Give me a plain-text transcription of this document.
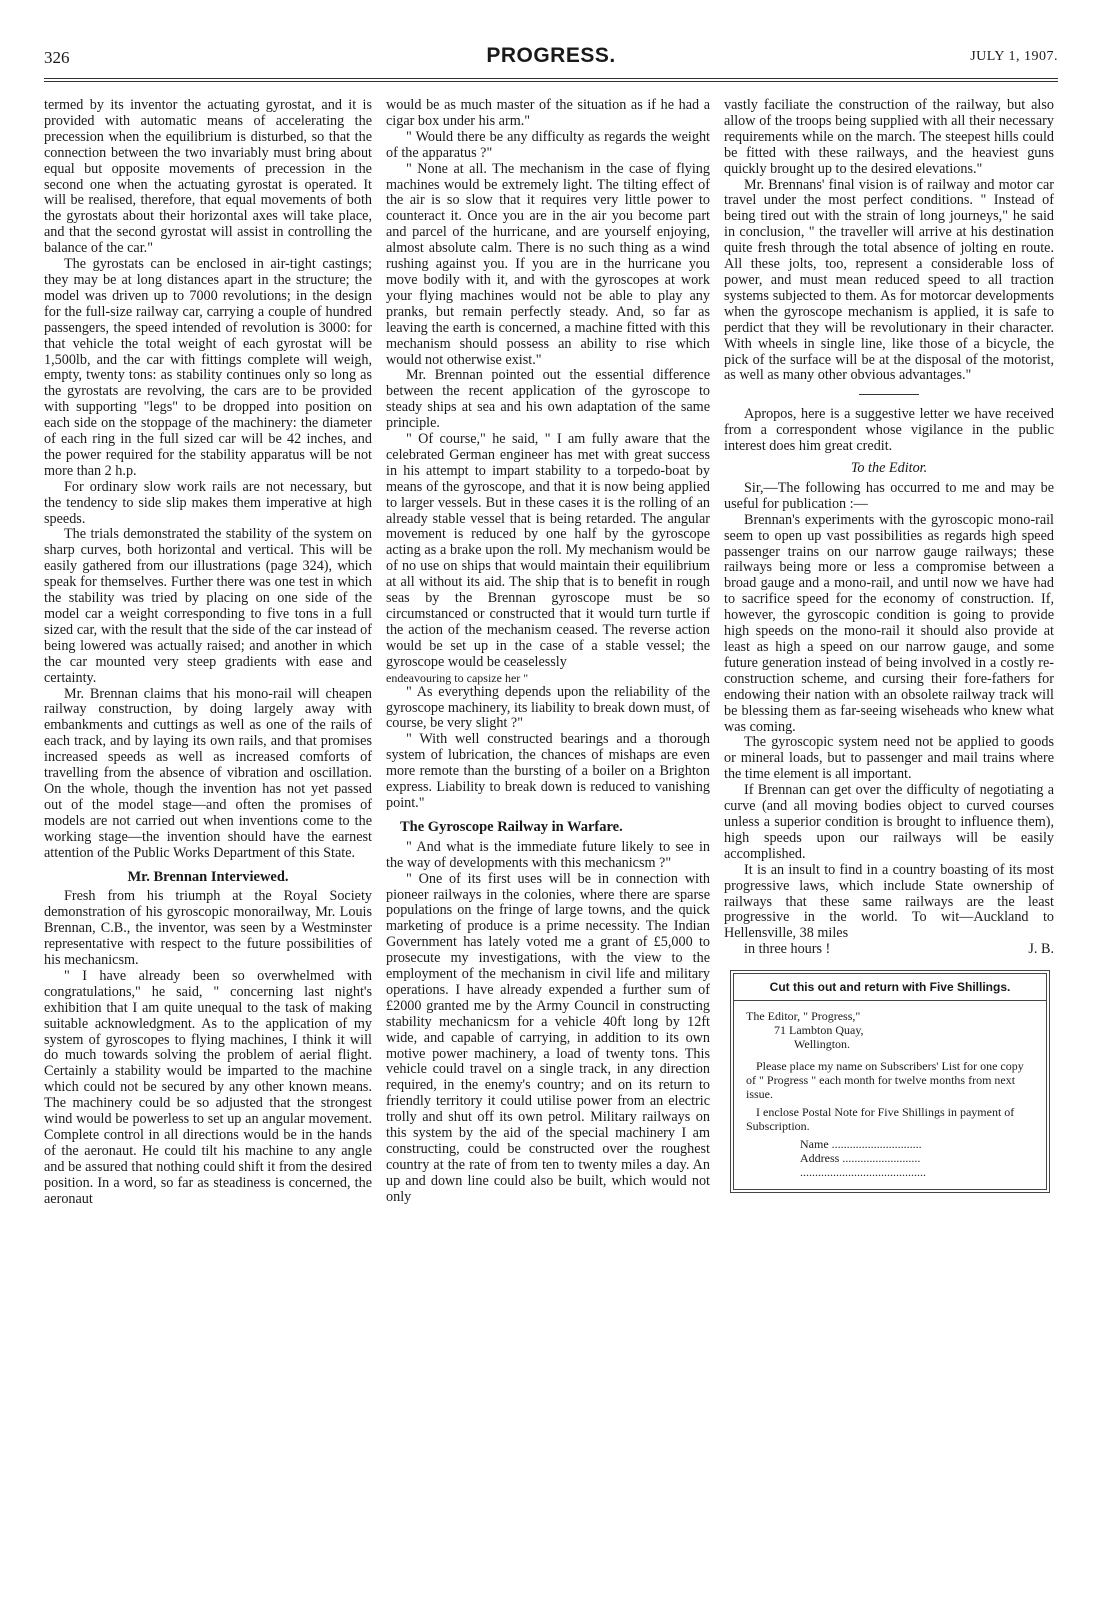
326	PROGRESS.	JULY 1, 1907.

termed by its inventor the actuating gyrostat, and it is provided with automatic means of accelerating the precession when the equilibrium is disturbed, so that the connection between the two invariably must bring about equal but opposite movements of precession in the second one when the actuating gyrostat is operated. It will be realised, therefore, that equal movements of both the gyrostats about their horizontal axes will take place, and that the second gyrostat will assist in controlling the balance of the car."

The gyrostats can be enclosed in air-tight castings; they may be at long distances apart in the structure; the model was driven up to 7000 revolutions; in the design for the full-size railway car, carrying a couple of hundred passengers, the speed intended of revolution is 3000: for that vehicle the total weight of each gyrostat will be 1,500lb, and the car with fittings complete will weigh, empty, twenty tons: as stability continues only so long as the gyrostats are revolving, the cars are to be provided with supporting "legs" to be dropped into position on each side on the stoppage of the machinery: the diameter of each ring in the full sized car will be 42 inches, and the power required for the stability apparatus will be not more than 2 h.p.

For ordinary slow work rails are not necessary, but the tendency to side slip makes them imperative at high speeds.

The trials demonstrated the stability of the system on sharp curves, both horizontal and vertical. This will be easily gathered from our illustrations (page 324), which speak for themselves. Further there was one test in which the stability was tried by placing on one side of the model car a weight corresponding to five tons in a full sized car, with the result that the side of the car instead of being lowered was actually raised; and another in which the car mounted very steep gradients with ease and certainty.

Mr. Brennan claims that his mono-rail will cheapen railway construction, by doing largely away with embankments and cuttings as well as one of the rails of each track, and by laying its own rails, and that promises increased speeds as well as increased comforts of travelling from the absence of vibration and oscillation. On the whole, though the invention has not yet passed out of the model stage—and often the promises of models are not carried out when inventions come to the working stage—the invention should have the earnest attention of the Public Works Department of this State.

Mr. Brennan Interviewed.

Fresh from his triumph at the Royal Society demonstration of his gyroscopic monorailway, Mr. Louis Brennan, C.B., the inventor, was seen by a Westminster representative with respect to the future possibilities of his mechanicsm.

" I have already been so overwhelmed with congratulations," he said, " concerning last night's exhibition that I am quite unequal to the task of making suitable acknowledgment. As to the application of my system of gyroscopes to flying machines, I think it will do much towards solving the problem of aerial flight. Certainly a stability would be imparted to the machine which could not be secured by any other known means. The machinery could be so adjusted that the strongest wind would be powerless to set up an angular movement. Complete control in all directions would be in the hands of the aeronaut. He could tilt his machine to any angle and be assured that nothing could shift it from the desired position. In a word, so far as steadiness is concerned, the aeronaut

would be as much master of the situation as if he had a cigar box under his arm."

" Would there be any difficulty as regards the weight of the apparatus ?"

" None at all. The mechanism in the case of flying machines would be extremely light. The tilting effect of the air is so slow that it requires very little power to counteract it. Once you are in the air you become part and parcel of the hurricane, and are yourself enjoying, almost absolute calm. There is no such thing as a wind rushing against you. If you are in the hurricane you move bodily with it, and with the gyroscopes at work your flying machines would not be able to play any pranks, but remain perfectly steady. And, so far as leaving the earth is concerned, a machine fitted with this mechanism should possess an ability to rise which would not otherwise exist."

Mr. Brennan pointed out the essential difference between the recent application of the gyroscope to steady ships at sea and his own adaptation of the same principle.

" Of course," he said, " I am fully aware that the celebrated German engineer has met with great success in his attempt to impart stability to a torpedo-boat by means of the gyroscope, and that it is now being applied to larger vessels. But in these cases it is the rolling of an already stable vessel that is being retarded. The angular movement is reduced by one half by the gyroscope acting as a brake upon the roll. My mechanism would be of no use on ships that would maintain their equilibrium at all without its aid. The ship that is to benefit in rough seas by the Brennan gyroscope must be so circumstanced or constructed that it would turn turtle if the action of the mechanism ceased. The reverse action would be set up in the case of a stable vessel; the gyroscope would be ceaselessly

endeavouring to capsize her "

" As everything depends upon the reliability of the gyroscope machinery, its liability to break down must, of course, be very slight ?"

" With well constructed bearings and a thorough system of lubrication, the chances of mishaps are even more remote than the bursting of a boiler on a Brighton express. Liability to break down is reduced to vanishing point."

The Gyroscope Railway in Warfare.

" And what is the immediate future likely to see in the way of developments with this mechanicsm ?"

" One of its first uses will be in connection with pioneer railways in the colonies, where there are sparse populations on the fringe of large towns, and the quick marketing of produce is a prime necessity. The Indian Government has lately voted me a grant of £5,000 to prosecute my investigations, with the view to the employment of the mechanism in civil life and military operations. I have already expended a further sum of £2000 granted me by the Army Council in constructing stability mechanicsm for a vehicle 40ft long by 12ft wide, and capable of carrying, in addition to its own motive power machinery, a load of twenty tons. This vehicle could travel on a single track, in any direction required, in the enemy's country; and on its return to friendly territory it could utilise power from an electric trolly and shut off its own petrol. Military railways on this system by the aid of the special machinery I am constructing, could be constructed over the roughest country at the rate of from ten to twenty miles a day. An up and down line could also be built, which would not only

vastly faciliate the construction of the railway, but also allow of the troops being supplied with all their necessary requirements while on the march. The steepest hills could be fitted with these railways, and the heaviest guns quickly brought up to the desired elevations."

Mr. Brennans' final vision is of railway and motor car travel under the most perfect conditions. " Instead of being tired out with the strain of long journeys," he said in conclusion, " the traveller will arrive at his destination quite fresh through the total absence of jolting en route. All these jolts, too, represent a considerable loss of power, and must mean reduced speed to all traction systems subjected to them. As for motorcar developments when the gyroscope mechanism is applied, it is safe to perdict that they will be revolutionary in their character. With wheels in single line, like those of a bicycle, the pick of the surface will be at the disposal of the motorist, as well as many other obvious advantages."

Apropos, here is a suggestive letter we have received from a correspondent whose vigilance in the public interest does him great credit.

To the Editor.

Sir,—The following has occurred to me and may be useful for publication :—

Brennan's experiments with the gyroscopic mono-rail seem to open up vast possibilities as regards high speed passenger trains on our narrow gauge railways; these railways being more or less a compromise between a broad gauge and a mono-rail, and until now we have had to sacrifice speed for the economy of construction. If, however, the gyroscopic condition is going to provide high speeds on the mono-rail it should also provide at least as high a speed on our narrow gauge, and some future generation instead of being involved in a costly re-construction scheme, and cursing their fore-fathers for endowing their nation with an obsolete railway track will be blessing them as far-seeing wiseheads who knew what was coming.

The gyroscopic system need not be applied to goods or mineral loads, but to passenger and mail trains where the time element is all important.

If Brennan can get over the difficulty of negotiating a curve (and all moving bodies object to curved courses unless a superior condition is brought to influence them), high speeds upon our railways will be easily accomplished.

It is an insult to find in a country boasting of its most progressive laws, which include State ownership of railways that these same railways are the least progressive in the world. To wit—Auckland to Hellensville, 38 miles

in three hours !	J. B.

Cut this out and return with Five Shillings.

The Editor, " Progress,"

71 Lambton Quay,

Wellington.

Please place my name on Subscribers' List for one copy of " Progress " each month for twelve months from next issue.

I enclose Postal Note for Five Shillings in payment of Subscription.

Name ..............................

Address ..........................

..........................................
